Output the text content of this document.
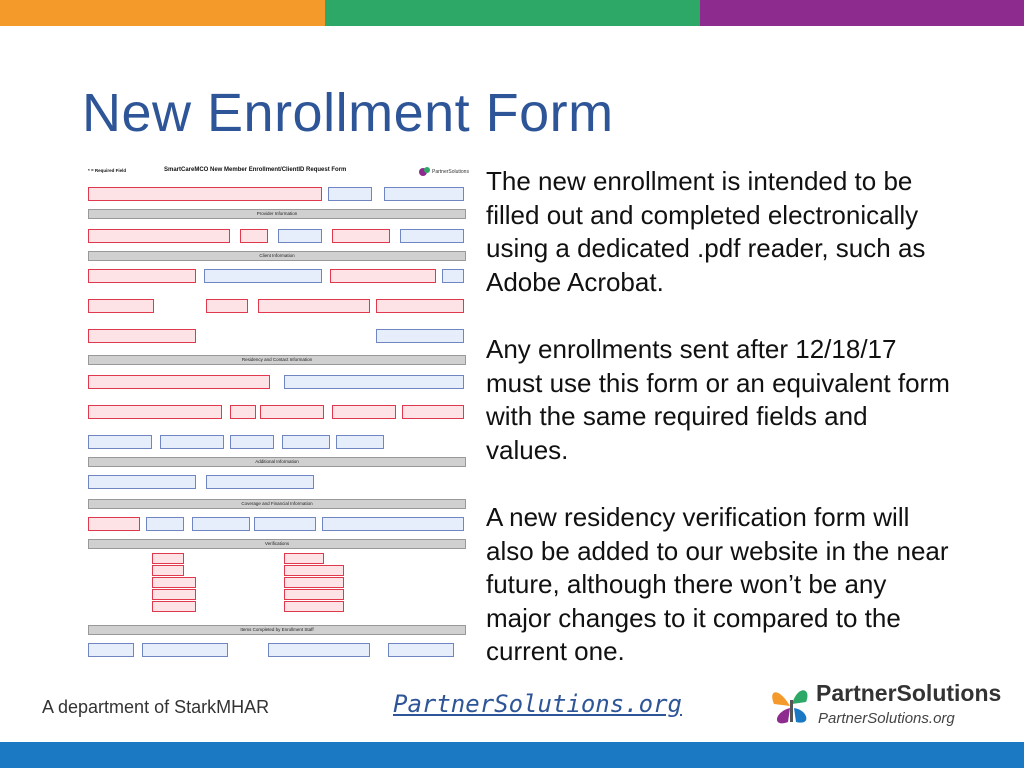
New Enrollment Form
* = Required Field	SmartCareMCO New Member Enrollment/ClientID Request Form	PartnerSolutions
Provider Information
Client Information
Residency and Contact Information
Additional Information
Coverage and Financial Information
Verifications
Items Completed by Enrollment Staff

The new enrollment is intended to be filled out and completed electronically using a dedicated .pdf reader, such as Adobe Acrobat.

Any enrollments sent after 12/18/17 must use this form or an equivalent form with the same required fields and values.

A new residency verification form will also be added to our website in the near future, although there won’t be any major changes to it compared to the current one.

A department of StarkMHAR	PartnerSolutions.org	PartnerSolutions
PartnerSolutions.org
